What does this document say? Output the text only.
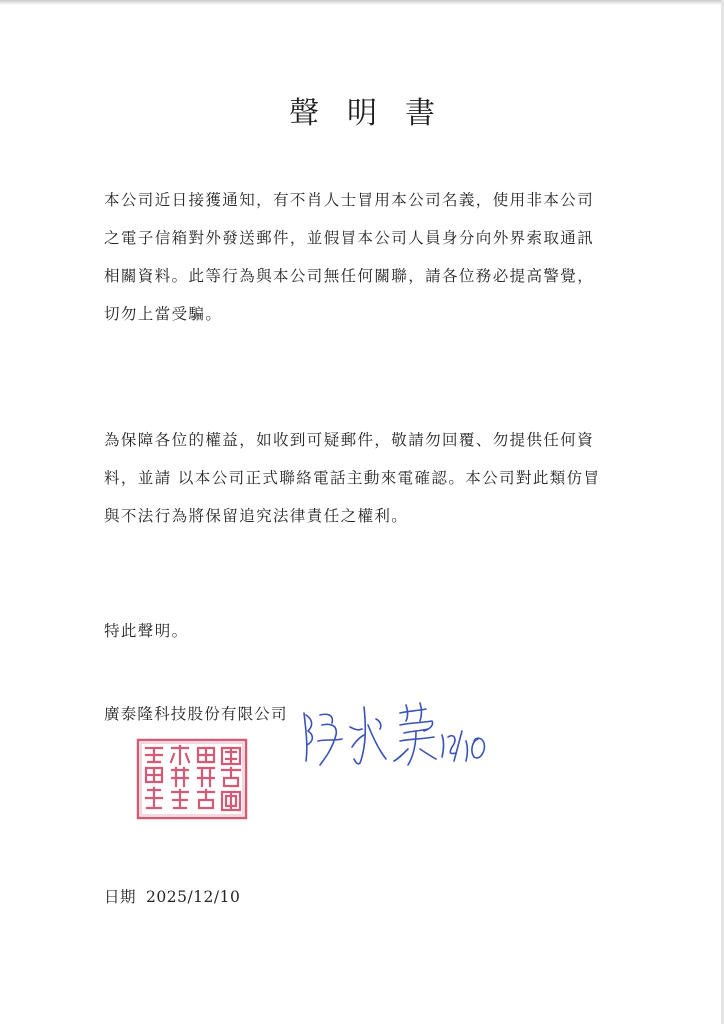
聲明書
本公司近日接獲通知，有不肖人士冒用本公司名義，使用非本公司
之電子信箱對外發送郵件，並假冒本公司人員身分向外界索取通訊
相關資料。此等行為與本公司無任何關聯，請各位務必提高警覺，
切勿上當受騙。
為保障各位的權益，如收到可疑郵件，敬請勿回覆、勿提供任何資
料，並請 以本公司正式聯絡電話主動來電確認。本公司對此類仿冒
與不法行為將保留追究法律責任之權利。
特此聲明。
廣泰隆科技股份有限公司
日期 2025/12/10
